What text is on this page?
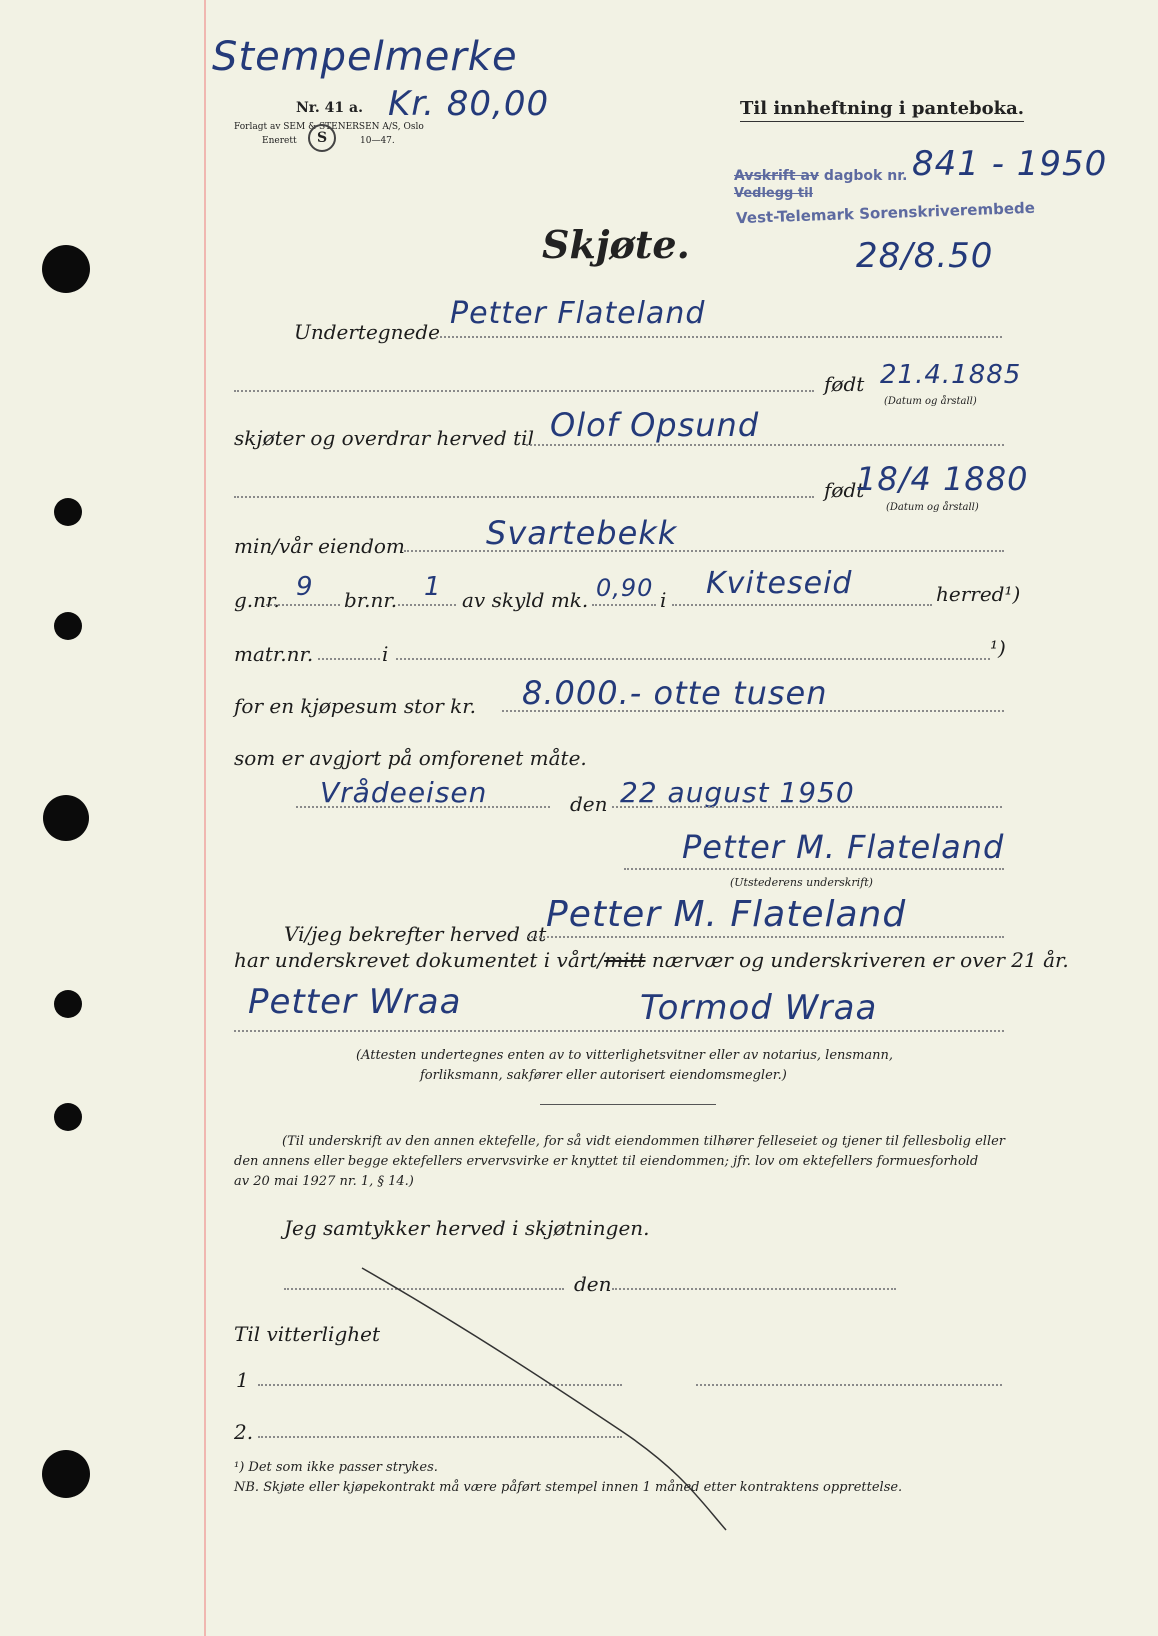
Stempelmerke
Kr. 80,00
Nr. 41 a.
Forlagt av SEM & STENERSEN A/S, Oslo
Enerett	S	10—47.
Til innheftning i panteboka.
Avskrift av dagbok nr. 841 - 1950
Vedlegg til
Vest-Telemark Sorenskriverembede
28/8.50
Skjøte.
Undertegnede
Petter Flateland
født 21.4.1885
(Datum og årstall)
skjøter og overdrar herved til Olof Opsund
født
18/4 1880
(Datum og årstall)
min/vår eiendom	Svartebekk
g.nr. 9 br.nr. 1 av skyld mk. 0,90 i Kviteseid	herred¹)
matr.nr.	i	¹)
for en kjøpesum stor kr. 8.000.- otte tusen
som er avgjort på omforenet måte.
Vrådeeisen	den 22 august 1950
Petter M. Flateland
(Utstederens underskrift)
Vi/jeg bekrefter herved at Petter M. Flateland
har underskrevet dokumentet i vårt/mitt nærvær og underskriveren er over 21 år.
Petter Wraa	Tormod Wraa
(Attesten undertegnes enten av to vitterlighetsvitner eller av notarius, lensmann,
forliksmann, sakfører eller autorisert eiendomsmegler.)
(Til underskrift av den annen ektefelle, for så vidt eiendommen tilhører felleseiet og tjener til fellesbolig eller
den annens eller begge ektefellers ervervsvirke er knyttet til eiendommen; jfr. lov om ektefellers formuesforhold
av 20 mai 1927 nr. 1, § 14.)
Jeg samtykker herved i skjøtningen.
den
Til vitterlighet
1
2.
¹) Det som ikke passer strykes.
NB. Skjøte eller kjøpekontrakt må være påført stempel innen 1 måned etter kontraktens opprettelse.
